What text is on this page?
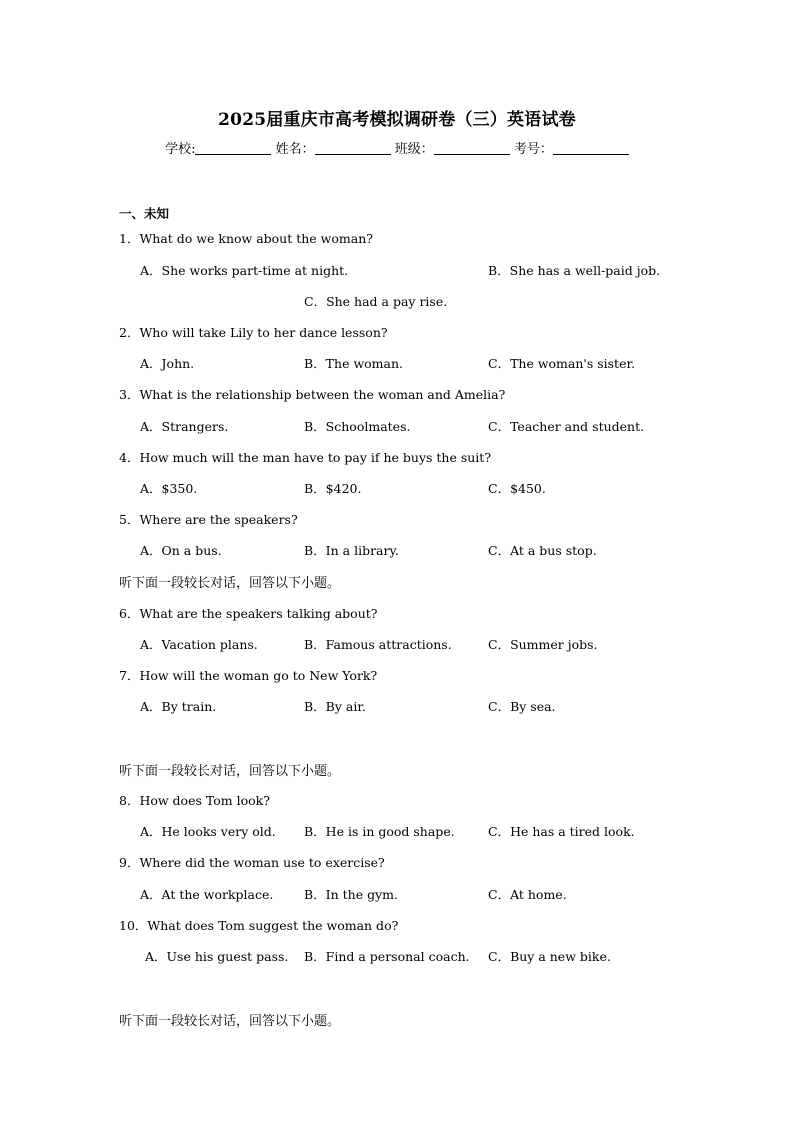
2025届重庆市高考模拟调研卷（三）英语试卷
学校:	姓名：	班级：	考号：
一、未知
1．What do we know about the woman?
A．She works part-time at night.	B．She has a well-paid job.
C．She had a pay rise.
2．Who will take Lily to her dance lesson?
A．John.	B．The woman.	C．The woman's sister.
3．What is the relationship between the woman and Amelia?
A．Strangers.	B．Schoolmates.	C．Teacher and student.
4．How much will the man have to pay if he buys the suit?
A．$350.	B．$420.	C．$450.
5．Where are the speakers?
A．On a bus.	B．In a library.	C．At a bus stop.
听下面一段较长对话，回答以下小题。
6．What are the speakers talking about?
A．Vacation plans.	B．Famous attractions.	C．Summer jobs.
7．How will the woman go to New York?
A．By train.	B．By air.	C．By sea.
听下面一段较长对话，回答以下小题。
8．How does Tom look?
A．He looks very old. B．He is in good shape.	C．He has a tired look.
9．Where did the woman use to exercise?
A．At the workplace. B．In the gym.	C．At home.
10．What does Tom suggest the woman do?
A．Use his guest pass. B．Find a personal coach. C．Buy a new bike.
听下面一段较长对话，回答以下小题。
